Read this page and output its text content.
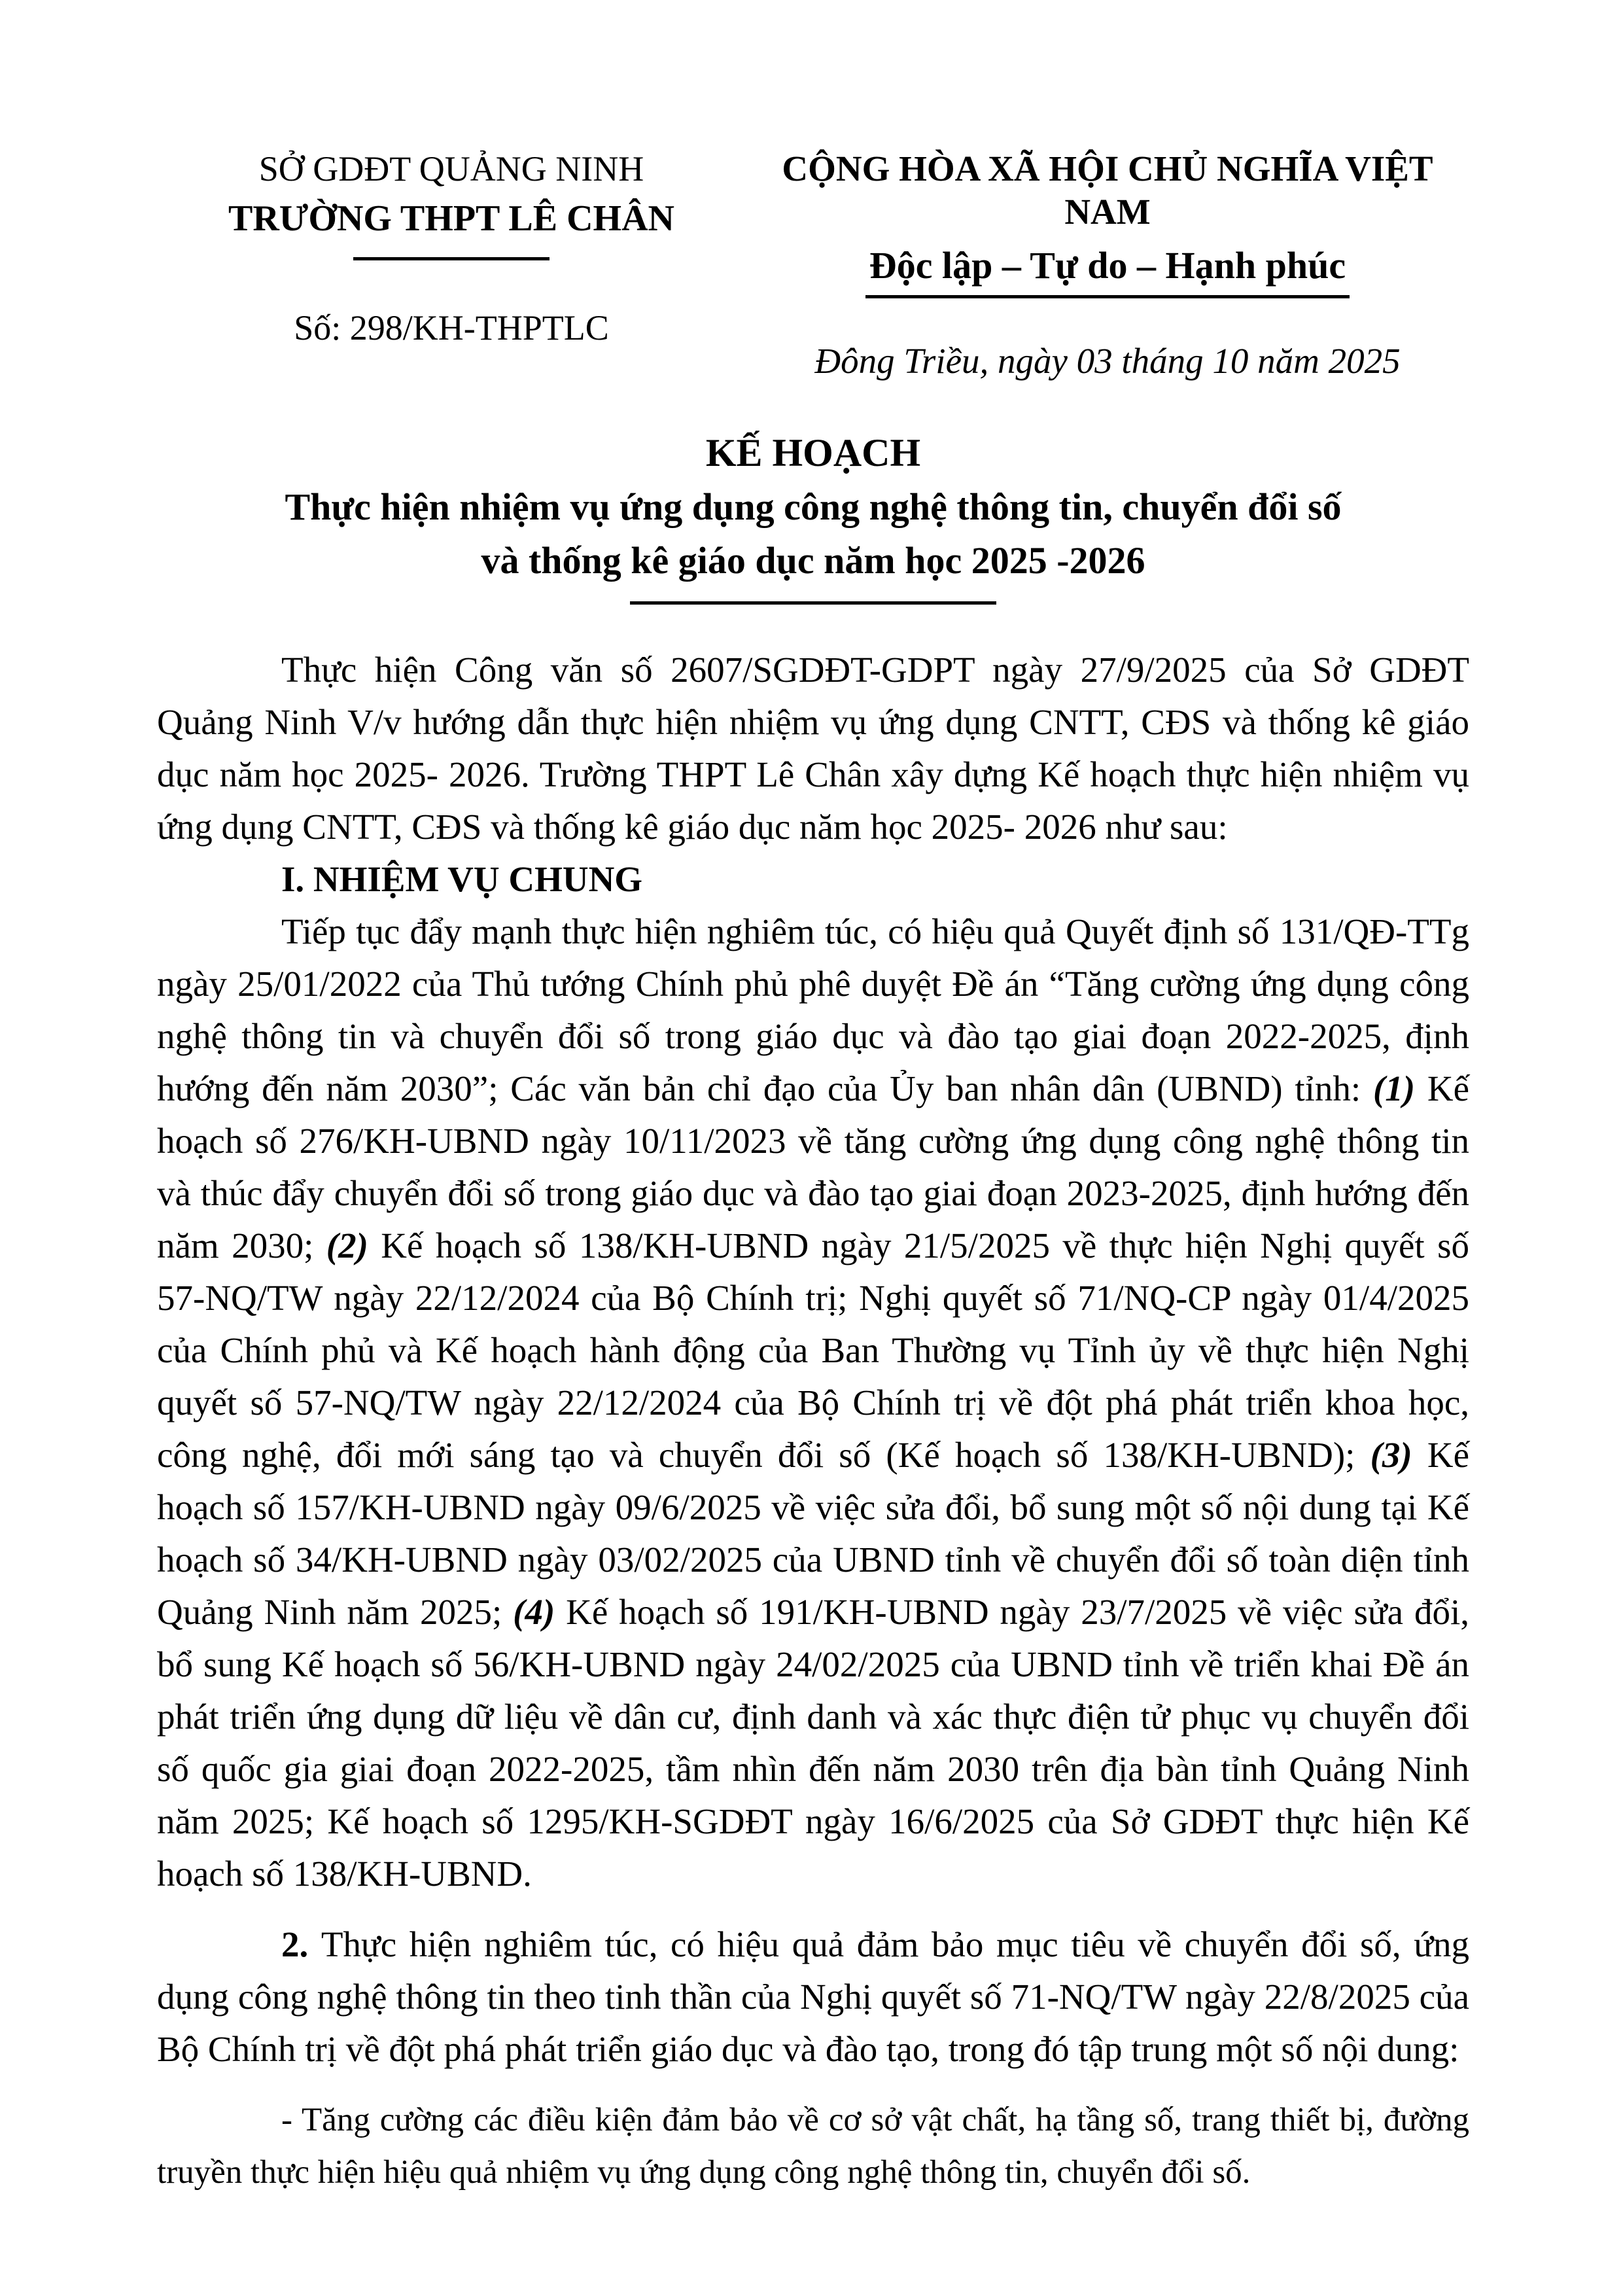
SỞ GDĐT QUẢNG NINH
TRƯỜNG THPT LÊ CHÂN
Số: 298/KH-THPTLC
CỘNG HÒA XÃ HỘI CHỦ NGHĨA VIỆT NAM
Độc lập – Tự do – Hạnh phúc
Đông Triều, ngày 03 tháng 10 năm 2025
KẾ HOẠCH
Thực hiện nhiệm vụ ứng dụng công nghệ thông tin, chuyển đổi số
và thống kê giáo dục năm học 2025 -2026

Thực hiện Công văn số 2607/SGDĐT-GDPT ngày 27/9/2025 của Sở GDĐT Quảng Ninh V/v hướng dẫn thực hiện nhiệm vụ ứng dụng CNTT, CĐS và thống kê giáo dục năm học 2025- 2026. Trường THPT Lê Chân xây dựng Kế hoạch thực hiện nhiệm vụ ứng dụng CNTT, CĐS và thống kê giáo dục năm học 2025- 2026 như sau:

I. NHIỆM VỤ CHUNG

Tiếp tục đẩy mạnh thực hiện nghiêm túc, có hiệu quả Quyết định số 131/QĐ-TTg ngày 25/01/2022 của Thủ tướng Chính phủ phê duyệt Đề án “Tăng cường ứng dụng công nghệ thông tin và chuyển đổi số trong giáo dục và đào tạo giai đoạn 2022-2025, định hướng đến năm 2030”; Các văn bản chỉ đạo của Ủy ban nhân dân (UBND) tỉnh: (1) Kế hoạch số 276/KH-UBND ngày 10/11/2023 về tăng cường ứng dụng công nghệ thông tin và thúc đẩy chuyển đổi số trong giáo dục và đào tạo giai đoạn 2023-2025, định hướng đến năm 2030; (2) Kế hoạch số 138/KH-UBND ngày 21/5/2025 về thực hiện Nghị quyết số 57-NQ/TW ngày 22/12/2024 của Bộ Chính trị; Nghị quyết số 71/NQ-CP ngày 01/4/2025 của Chính phủ và Kế hoạch hành động của Ban Thường vụ Tỉnh ủy về thực hiện Nghị quyết số 57-NQ/TW ngày 22/12/2024 của Bộ Chính trị về đột phá phát triển khoa học, công nghệ, đổi mới sáng tạo và chuyển đổi số (Kế hoạch số 138/KH-UBND); (3) Kế hoạch số 157/KH-UBND ngày 09/6/2025 về việc sửa đổi, bổ sung một số nội dung tại Kế hoạch số 34/KH-UBND ngày 03/02/2025 của UBND tỉnh về chuyển đổi số toàn diện tỉnh Quảng Ninh năm 2025; (4) Kế hoạch số 191/KH-UBND ngày 23/7/2025 về việc sửa đổi, bổ sung Kế hoạch số 56/KH-UBND ngày 24/02/2025 của UBND tỉnh về triển khai Đề án phát triển ứng dụng dữ liệu về dân cư, định danh và xác thực điện tử phục vụ chuyển đổi số quốc gia giai đoạn 2022-2025, tầm nhìn đến năm 2030 trên địa bàn tỉnh Quảng Ninh năm 2025; Kế hoạch số 1295/KH-SGDĐT ngày 16/6/2025 của Sở GDĐT thực hiện Kế hoạch số 138/KH-UBND.

2. Thực hiện nghiêm túc, có hiệu quả đảm bảo mục tiêu về chuyển đổi số, ứng dụng công nghệ thông tin theo tinh thần của Nghị quyết số 71-NQ/TW ngày 22/8/2025 của Bộ Chính trị về đột phá phát triển giáo dục và đào tạo, trong đó tập trung một số nội dung:

- Tăng cường các điều kiện đảm bảo về cơ sở vật chất, hạ tầng số, trang thiết bị, đường truyền thực hiện hiệu quả nhiệm vụ ứng dụng công nghệ thông tin, chuyển đổi số.
